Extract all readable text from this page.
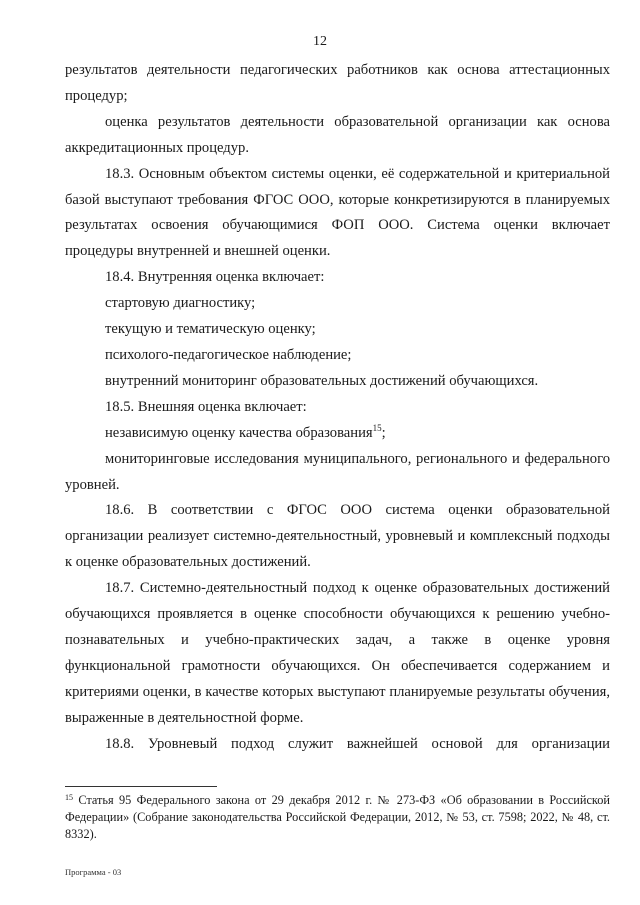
12

результатов деятельности педагогических работников как основа аттестационных процедур;

оценка результатов деятельности образовательной организации как основа аккредитационных процедур.

18.3. Основным объектом системы оценки, её содержательной и критериальной базой выступают требования ФГОС ООО, которые конкретизируются в планируемых результатах освоения обучающимися ФОП ООО. Система оценки включает процедуры внутренней и внешней оценки.

18.4. Внутренняя оценка включает:

стартовую диагностику;

текущую и тематическую оценку;

психолого-педагогическое наблюдение;

внутренний мониторинг образовательных достижений обучающихся.

18.5. Внешняя оценка включает:

независимую оценку качества образования$^{15}$;

мониторинговые исследования муниципального, регионального и федерального уровней.

18.6. В соответствии с ФГОС ООО система оценки образовательной организации реализует системно-деятельностный, уровневый и комплексный подходы к оценке образовательных достижений.

18.7. Системно-деятельностный подход к оценке образовательных достижений обучающихся проявляется в оценке способности обучающихся к решению учебно-познавательных и учебно-практических задач, а также в оценке уровня функциональной грамотности обучающихся. Он обеспечивается содержанием и критериями оценки, в качестве которых выступают планируемые результаты обучения, выраженные в деятельностной форме.

18.8. Уровневый подход служит важнейшей основой для организации

$^{15}$ Статья 95 Федерального закона от 29 декабря 2012 г. № 273-ФЗ «Об образовании в Российской Федерации» (Собрание законодательства Российской Федерации, 2012, № 53, ст. 7598; 2022, № 48, ст. 8332).

Программа - 03
